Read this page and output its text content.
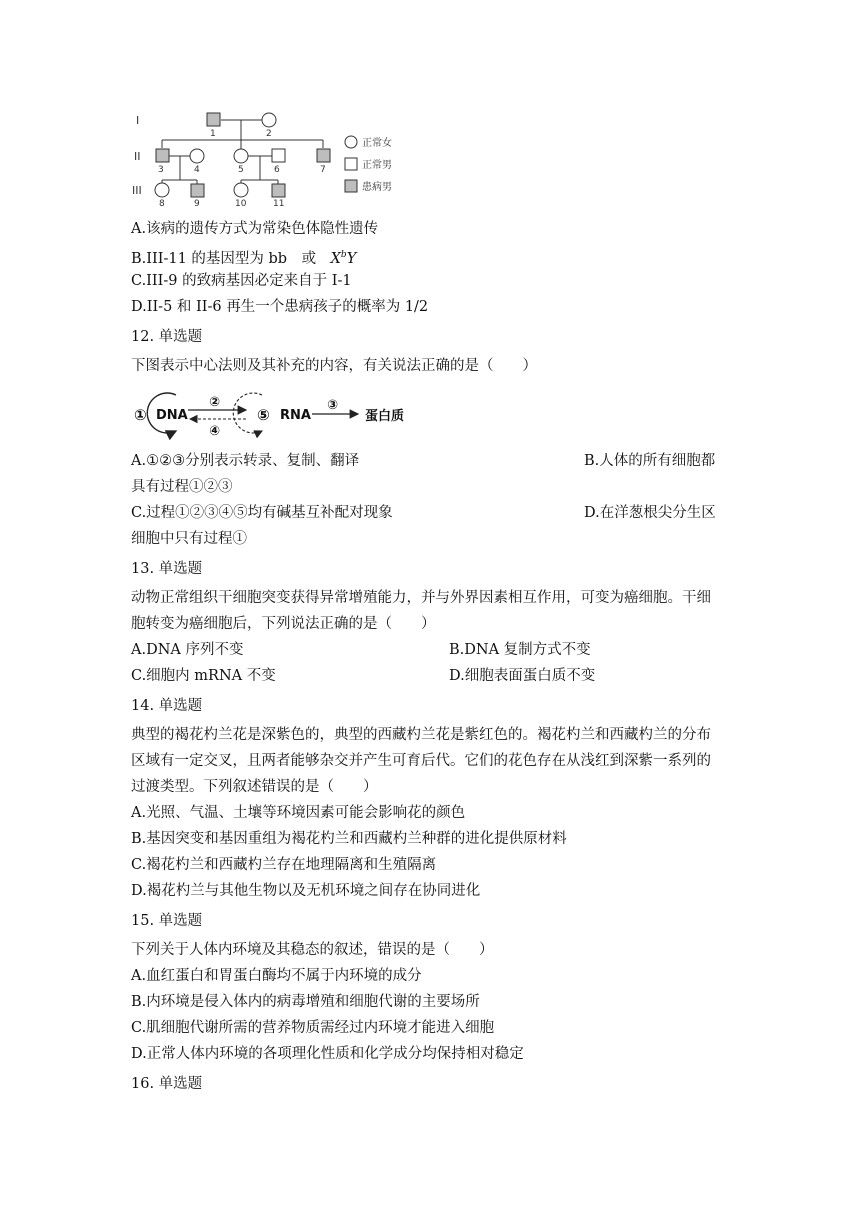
I
II
III
1	2
3	4	5	6	7
8	9	10	11
正常女
正常男
患病男
A.该病的遗传方式为常染色体隐性遗传
B.III-11 的基因型为 bb　或　 $X^bY$
C.III-9 的致病基因必定来自于 I-1
D.II-5 和 II-6 再生一个患病孩子的概率为 1/2
12. 单选题
下图表示中心法则及其补充的内容，有关说法正确的是（　　）
① DNA
②
④
⑤ RNA
③
蛋白质
A.①②③分别表示转录、复制、翻译	B.人体的所有细胞都
具有过程①②③
C.过程①②③④⑤均有碱基互补配对现象	D.在洋葱根尖分生区
细胞中只有过程①
13. 单选题
动物正常组织干细胞突变获得异常增殖能力，并与外界因素相互作用，可变为癌细胞。干细
胞转变为癌细胞后，下列说法正确的是（　　）
A.DNA 序列不变	B.DNA 复制方式不变
C.细胞内 mRNA 不变	D.细胞表面蛋白质不变
14. 单选题
典型的褐花杓兰花是深紫色的，典型的西藏杓兰花是紫红色的。褐花杓兰和西藏杓兰的分布
区域有一定交叉，且两者能够杂交并产生可育后代。它们的花色存在从浅红到深紫一系列的
过渡类型。下列叙述错误的是（　　）
A.光照、气温、土壤等环境因素可能会影响花的颜色
B.基因突变和基因重组为褐花杓兰和西藏杓兰种群的进化提供原材料
C.褐花杓兰和西藏杓兰存在地理隔离和生殖隔离
D.褐花杓兰与其他生物以及无机环境之间存在协同进化
15. 单选题
下列关于人体内环境及其稳态的叙述，错误的是（　　）
A.血红蛋白和胃蛋白酶均不属于内环境的成分
B.内环境是侵入体内的病毒增殖和细胞代谢的主要场所
C.肌细胞代谢所需的营养物质需经过内环境才能进入细胞
D.正常人体内环境的各项理化性质和化学成分均保持相对稳定
16. 单选题
